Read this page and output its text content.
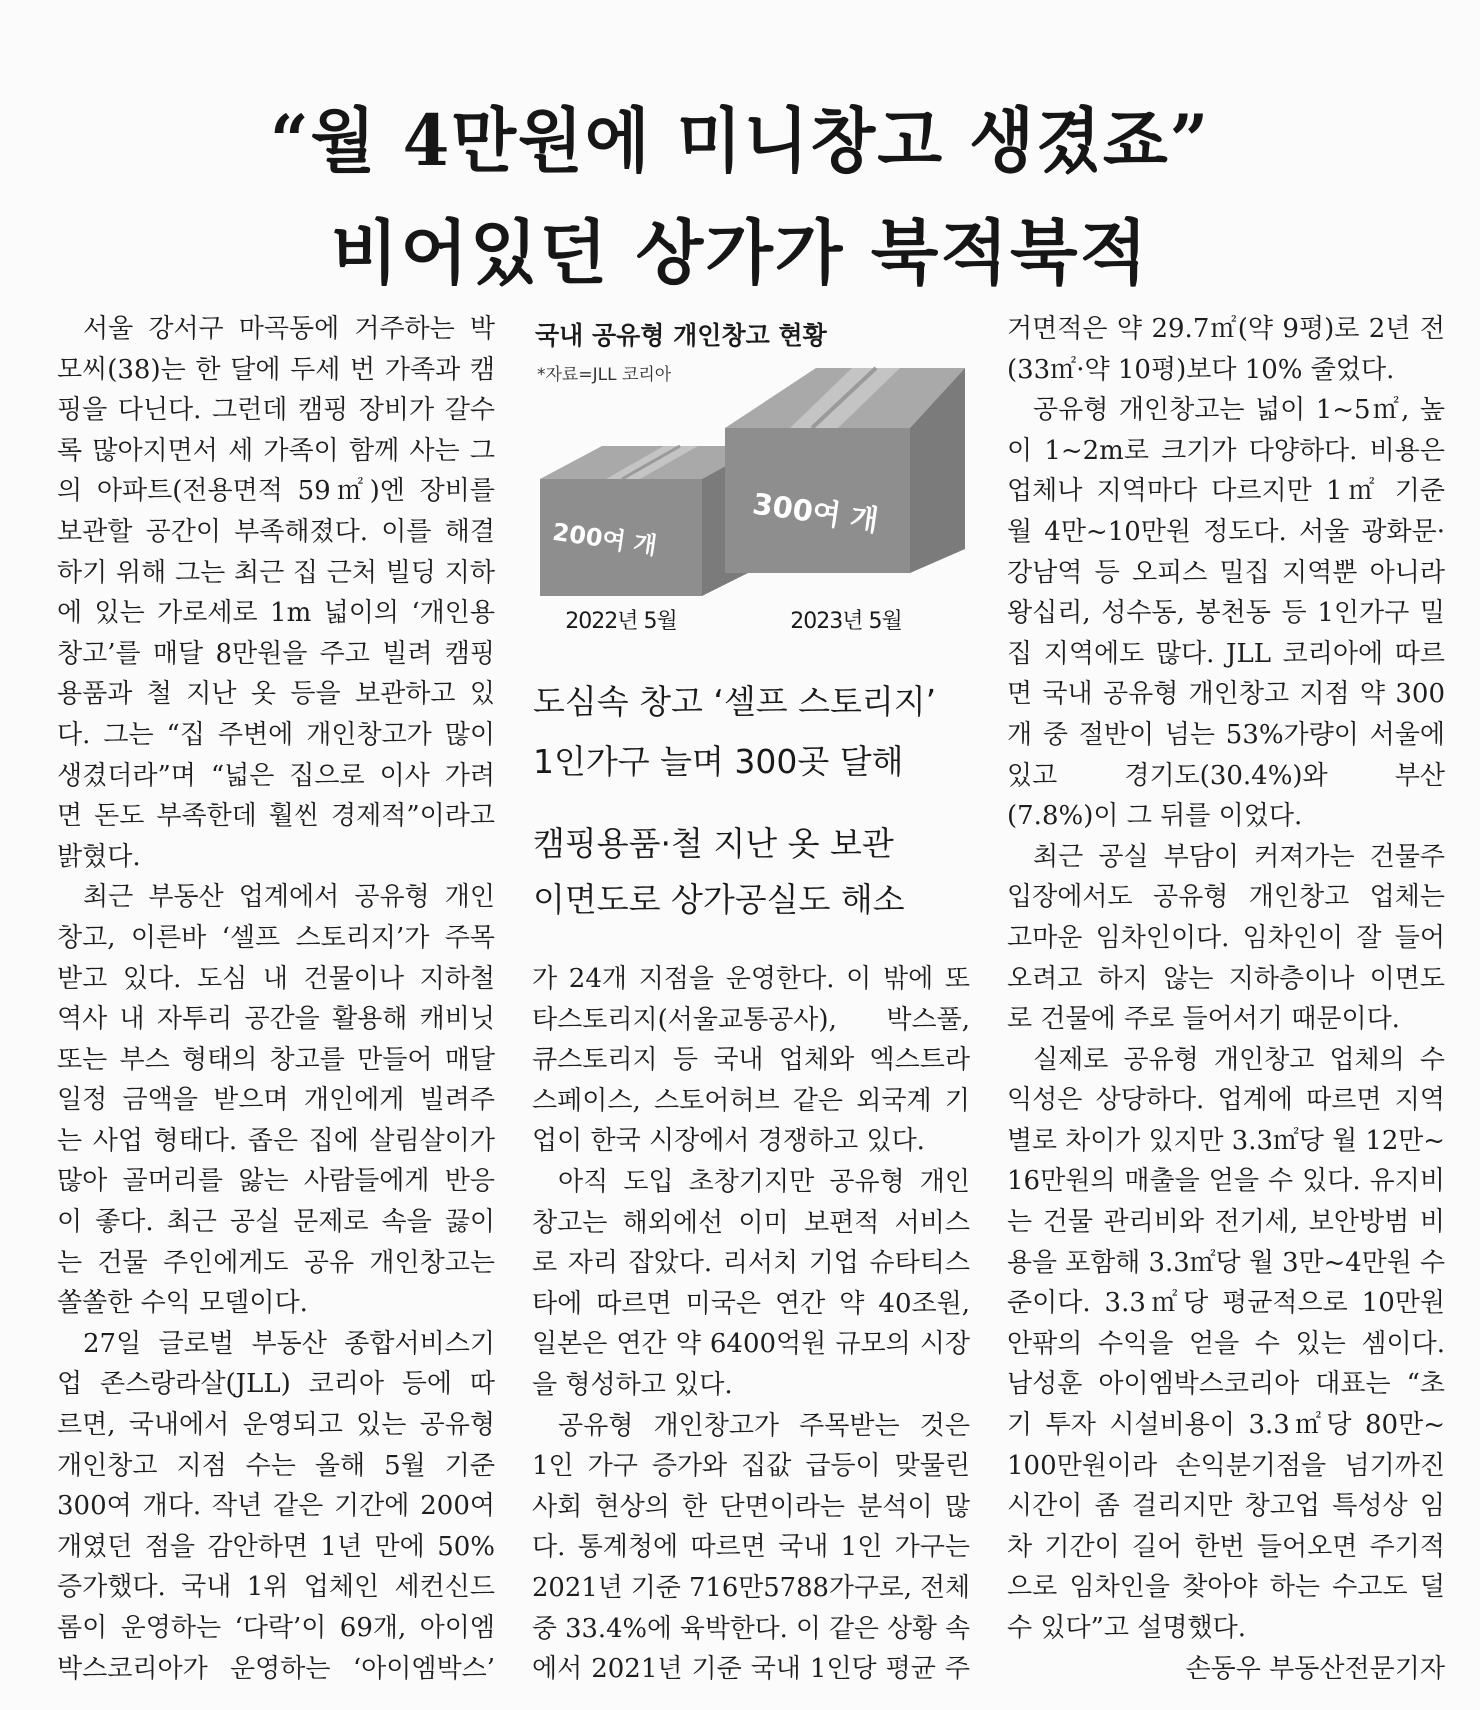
“월 4만원에 미니창고 생겼죠”
비어있던 상가가 북적북적
국내 공유형 개인창고 현황
*자료=JLL 코리아
200여 개
300여 개
2022년 5월	2023년 5월
도심속 창고 ‘셀프 스토리지’
1인가구 늘며 300곳 달해
캠핑용품·철 지난 옷 보관
이면도로 상가공실도 해소
서울 강서구 마곡동에 거주하는 박
모씨(38)는 한 달에 두세 번 가족과 캠
핑을 다닌다. 그런데 캠핑 장비가 갈수
록 많아지면서 세 가족이 함께 사는 그
의 아파트(전용면적 59㎡)엔 장비를
보관할 공간이 부족해졌다. 이를 해결
하기 위해 그는 최근 집 근처 빌딩 지하
에 있는 가로세로 1m 넓이의 ‘개인용
창고’를 매달 8만원을 주고 빌려 캠핑
용품과 철 지난 옷 등을 보관하고 있
다. 그는 “집 주변에 개인창고가 많이
생겼더라”며 “넓은 집으로 이사 가려
면 돈도 부족한데 훨씬 경제적”이라고
밝혔다.
최근 부동산 업계에서 공유형 개인
창고, 이른바 ‘셀프 스토리지’가 주목
받고 있다. 도심 내 건물이나 지하철
역사 내 자투리 공간을 활용해 캐비닛
또는 부스 형태의 창고를 만들어 매달
일정 금액을 받으며 개인에게 빌려주
는 사업 형태다. 좁은 집에 살림살이가
많아 골머리를 앓는 사람들에게 반응
이 좋다. 최근 공실 문제로 속을 끓이
는 건물 주인에게도 공유 개인창고는
쏠쏠한 수익 모델이다.
27일 글로벌 부동산 종합서비스기
업 존스랑라살(JLL) 코리아 등에 따
르면, 국내에서 운영되고 있는 공유형
개인창고 지점 수는 올해 5월 기준
300여 개다. 작년 같은 기간에 200여
개였던 점을 감안하면 1년 만에 50%
증가했다. 국내 1위 업체인 세컨신드
롬이 운영하는 ‘다락’이 69개, 아이엠
박스코리아가 운영하는 ‘아이엠박스’
가 24개 지점을 운영한다. 이 밖에 또
타스토리지(서울교통공사), 박스풀,
큐스토리지 등 국내 업체와 엑스트라
스페이스, 스토어허브 같은 외국계 기
업이 한국 시장에서 경쟁하고 있다.
아직 도입 초창기지만 공유형 개인
창고는 해외에선 이미 보편적 서비스
로 자리 잡았다. 리서치 기업 슈타티스
타에 따르면 미국은 연간 약 40조원,
일본은 연간 약 6400억원 규모의 시장
을 형성하고 있다.
공유형 개인창고가 주목받는 것은
1인 가구 증가와 집값 급등이 맞물린
사회 현상의 한 단면이라는 분석이 많
다. 통계청에 따르면 국내 1인 가구는
2021년 기준 716만5788가구로, 전체
중 33.4%에 육박한다. 이 같은 상황 속
에서 2021년 기준 국내 1인당 평균 주
거면적은 약 29.7㎡(약 9평)로 2년 전
(33㎡·약 10평)보다 10% 줄었다.
공유형 개인창고는 넓이 1~5㎡, 높
이 1~2m로 크기가 다양하다. 비용은
업체나 지역마다 다르지만 1㎡ 기준
월 4만~10만원 정도다. 서울 광화문·
강남역 등 오피스 밀집 지역뿐 아니라
왕십리, 성수동, 봉천동 등 1인가구 밀
집 지역에도 많다. JLL 코리아에 따르
면 국내 공유형 개인창고 지점 약 300
개 중 절반이 넘는 53%가량이 서울에
있고 경기도(30.4%)와 부산
(7.8%)이 그 뒤를 이었다.
최근 공실 부담이 커져가는 건물주
입장에서도 공유형 개인창고 업체는
고마운 임차인이다. 임차인이 잘 들어
오려고 하지 않는 지하층이나 이면도
로 건물에 주로 들어서기 때문이다.
실제로 공유형 개인창고 업체의 수
익성은 상당하다. 업계에 따르면 지역
별로 차이가 있지만 3.3㎡당 월 12만~
16만원의 매출을 얻을 수 있다. 유지비
는 건물 관리비와 전기세, 보안방범 비
용을 포함해 3.3㎡당 월 3만~4만원 수
준이다. 3.3㎡당 평균적으로 10만원
안팎의 수익을 얻을 수 있는 셈이다.
남성훈 아이엠박스코리아 대표는 “초
기 투자 시설비용이 3.3㎡당 80만~
100만원이라 손익분기점을 넘기까진
시간이 좀 걸리지만 창고업 특성상 임
차 기간이 길어 한번 들어오면 주기적
으로 임차인을 찾아야 하는 수고도 덜
수 있다”고 설명했다.
손동우 부동산전문기자
